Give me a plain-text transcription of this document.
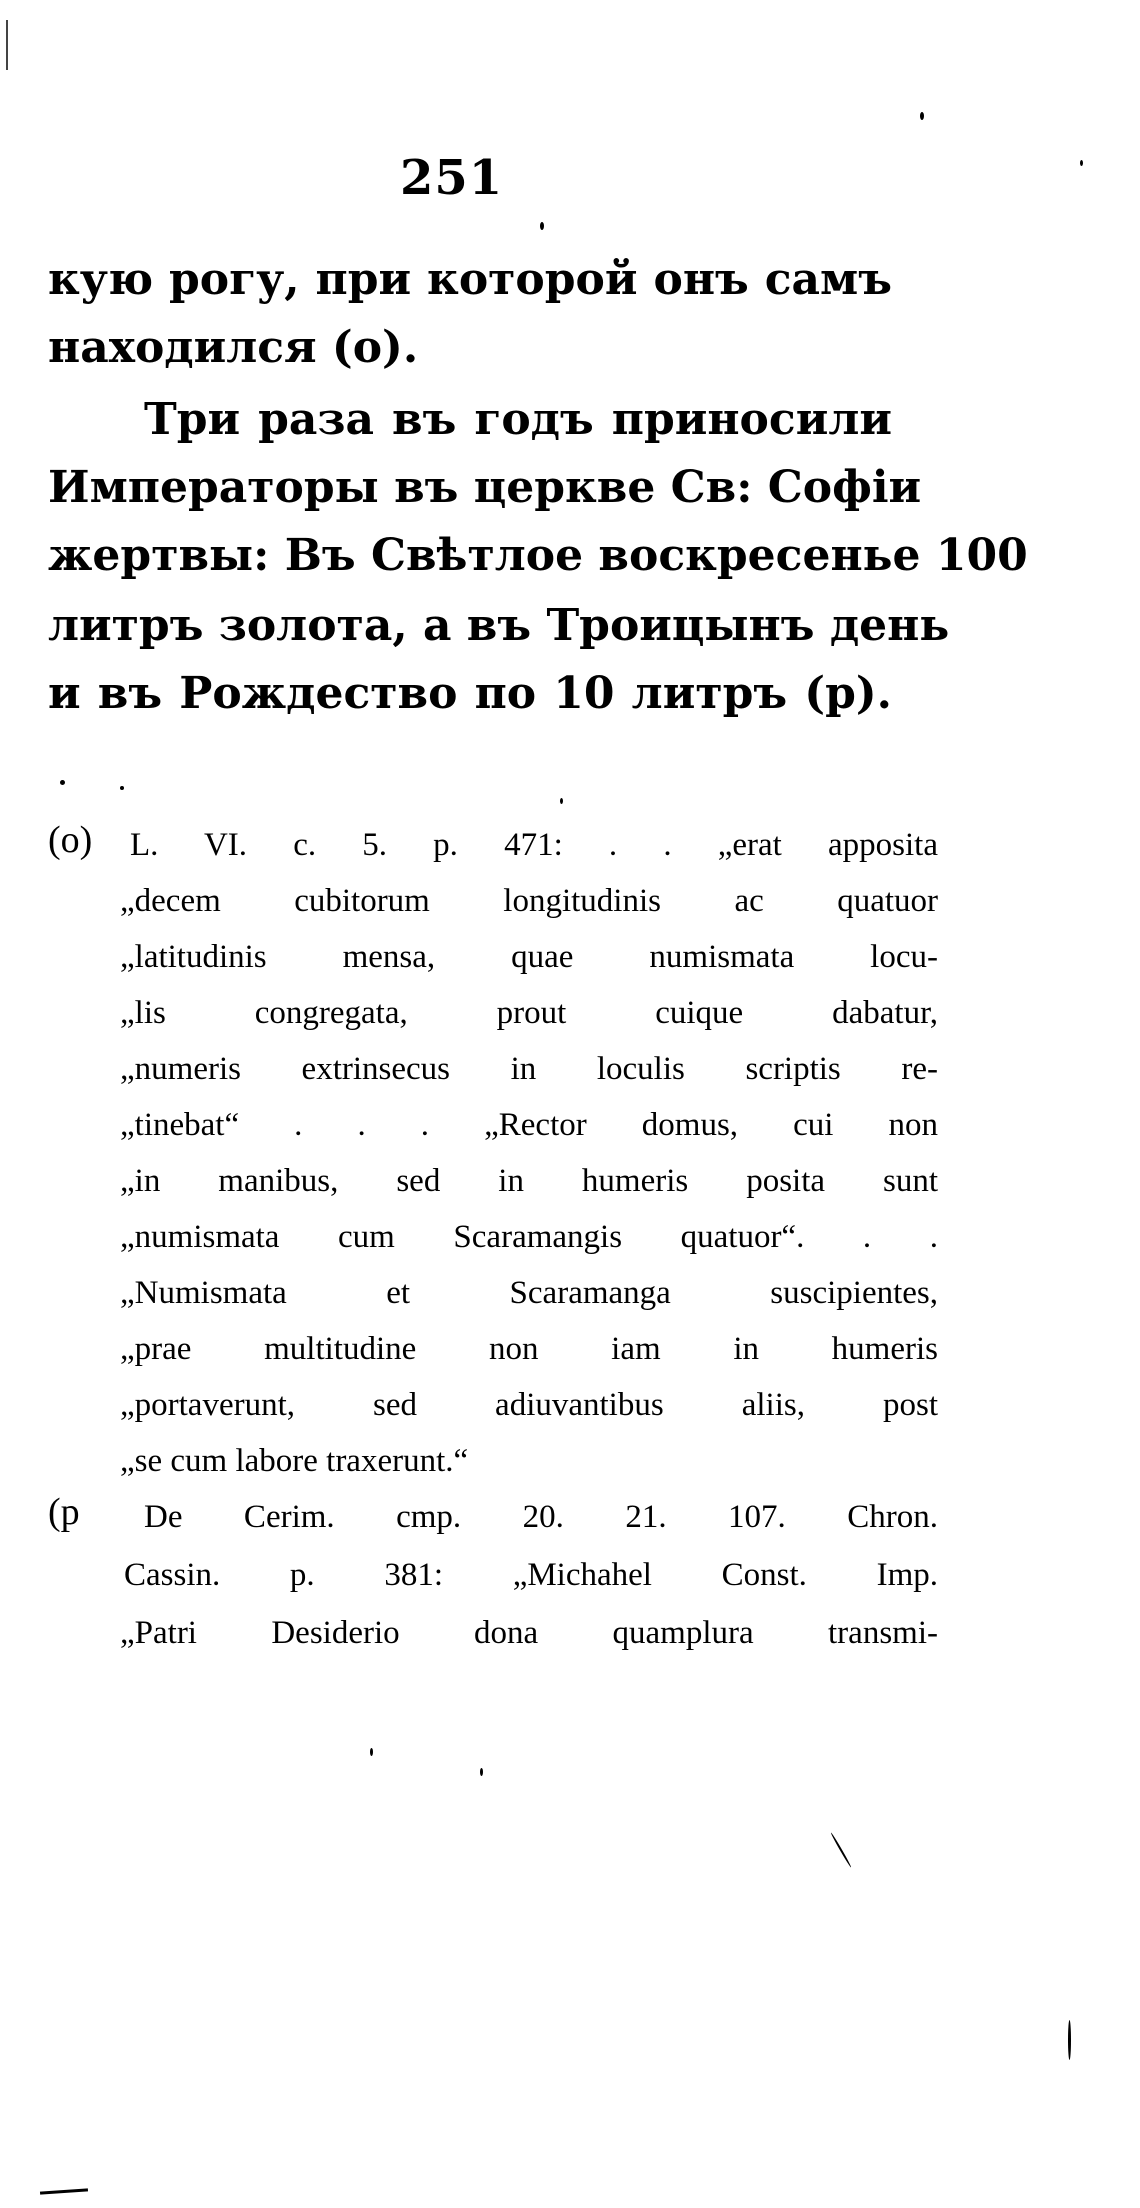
251
кую рогу, при которой онъ самъ
находился (о).
Три раза въ годъ приносили
Императоры въ церкве Св: Софіи
жертвы: Въ Свѣтлое воскресенье 100
литръ золота, а въ Троицынъ день
и въ Рождество по 10 литръ (р).
(o) L. VI. c. 5. p. 471: . . „erat apposita
„decem cubitorum longitudinis ac quatuor
„latitudinis mensa, quae numismata locu-
„lis congregata, prout cuique dabatur,
„numeris extrinsecus in loculis scriptis re-
„tinebat“ . . . „Rector domus, cui non
„in manibus, sed in humeris posita sunt
„numismata cum Scaramangis quatuor“. . .
„Numismata et Scaramanga suscipientes,
„prae multitudine non iam in humeris
„portaverunt, sed adiuvantibus aliis, post
„se cum labore traxerunt.“
(p De Cerim. cmp. 20. 21. 107. Chron.
Cassin. p. 381: „Michahel Const. Imp.
„Patri Desiderio dona quamplura transmi-
